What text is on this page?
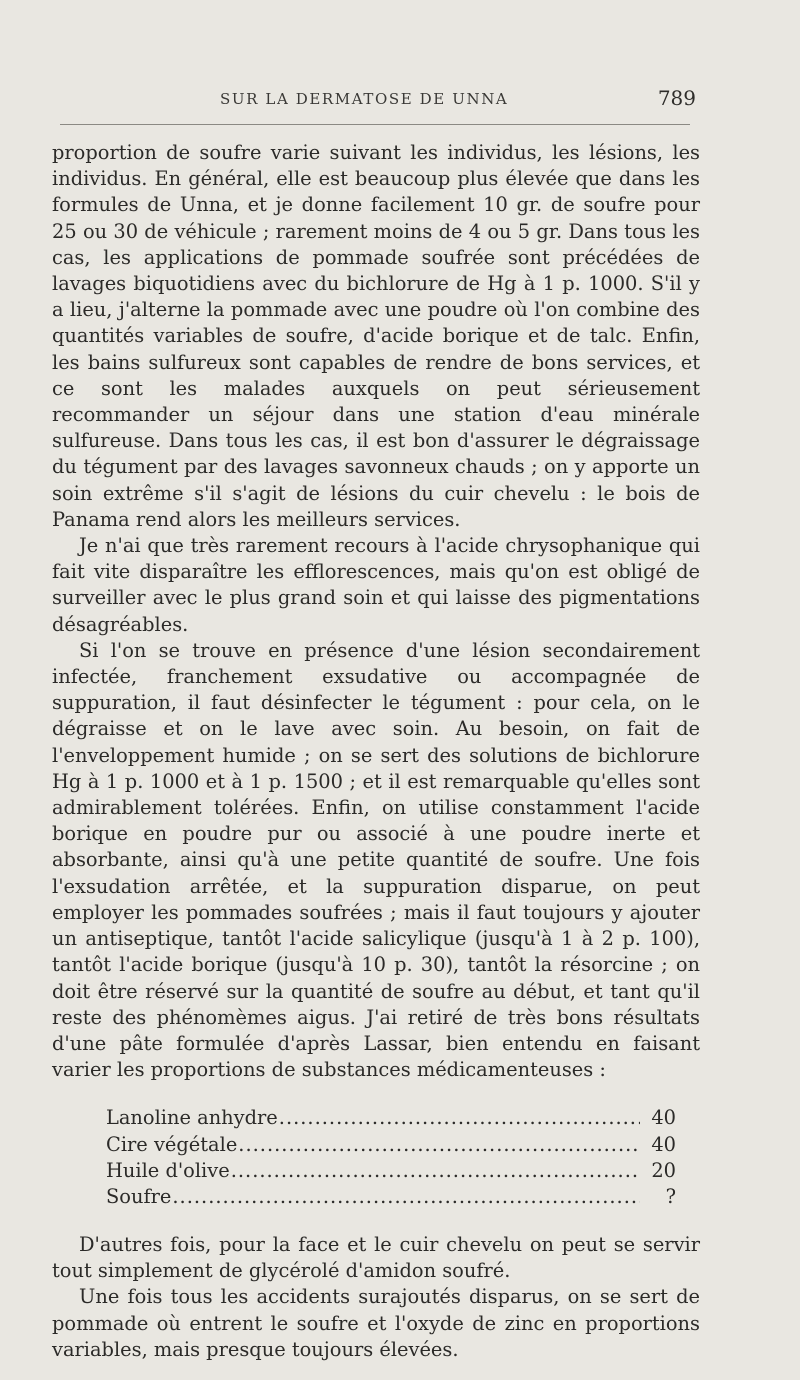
SUR LA DERMATOSE DE UNNA	789

proportion de soufre varie suivant les individus, les lésions, les individus. En général, elle est beaucoup plus élevée que dans les formules de Unna, et je donne facilement 10 gr. de soufre pour 25 ou 30 de véhicule ; rarement moins de 4 ou 5 gr. Dans tous les cas, les applications de pommade soufrée sont précédées de lavages biquotidiens avec du bichlorure de Hg à 1 p. 1000. S'il y a lieu, j'alterne la pommade avec une poudre où l'on combine des quantités variables de soufre, d'acide borique et de talc. Enfin, les bains sulfureux sont capables de rendre de bons services, et ce sont les malades auxquels on peut sérieusement recommander un séjour dans une station d'eau minérale sulfureuse. Dans tous les cas, il est bon d'assurer le dégraissage du tégument par des lavages savonneux chauds ; on y apporte un soin extrême s'il s'agit de lésions du cuir chevelu : le bois de Panama rend alors les meilleurs services.

Je n'ai que très rarement recours à l'acide chrysophanique qui fait vite disparaître les efflorescences, mais qu'on est obligé de surveiller avec le plus grand soin et qui laisse des pigmentations désagréables.

Si l'on se trouve en présence d'une lésion secondairement infectée, franchement exsudative ou accompagnée de suppuration, il faut désinfecter le tégument : pour cela, on le dégraisse et on le lave avec soin. Au besoin, on fait de l'enveloppement humide ; on se sert des solutions de bichlorure Hg à 1 p. 1000 et à 1 p. 1500 ; et il est remarquable qu'elles sont admirablement tolérées. Enfin, on utilise constamment l'acide borique en poudre pur ou associé à une poudre inerte et absorbante, ainsi qu'à une petite quantité de soufre. Une fois l'exsudation arrêtée, et la suppuration disparue, on peut employer les pommades soufrées ; mais il faut toujours y ajouter un antiseptique, tantôt l'acide salicylique (jusqu'à 1 à 2 p. 100), tantôt l'acide borique (jusqu'à 10 p. 30), tantôt la résorcine ; on doit être réservé sur la quantité de soufre au début, et tant qu'il reste des phénomèmes aigus. J'ai retiré de très bons résultats d'une pâte formulée d'après Lassar, bien entendu en faisant varier les proportions de substances médicamenteuses :

Lanoline anhydre .....	40
Cire végétale .....	40
Huile d'olive .....	20
Soufre .....	?

D'autres fois, pour la face et le cuir chevelu on peut se servir tout simplement de glycérolé d'amidon soufré.

Une fois tous les accidents surajoutés disparus, on se sert de pommade où entrent le soufre et l'oxyde de zinc en proportions variables, mais presque toujours élevées.
